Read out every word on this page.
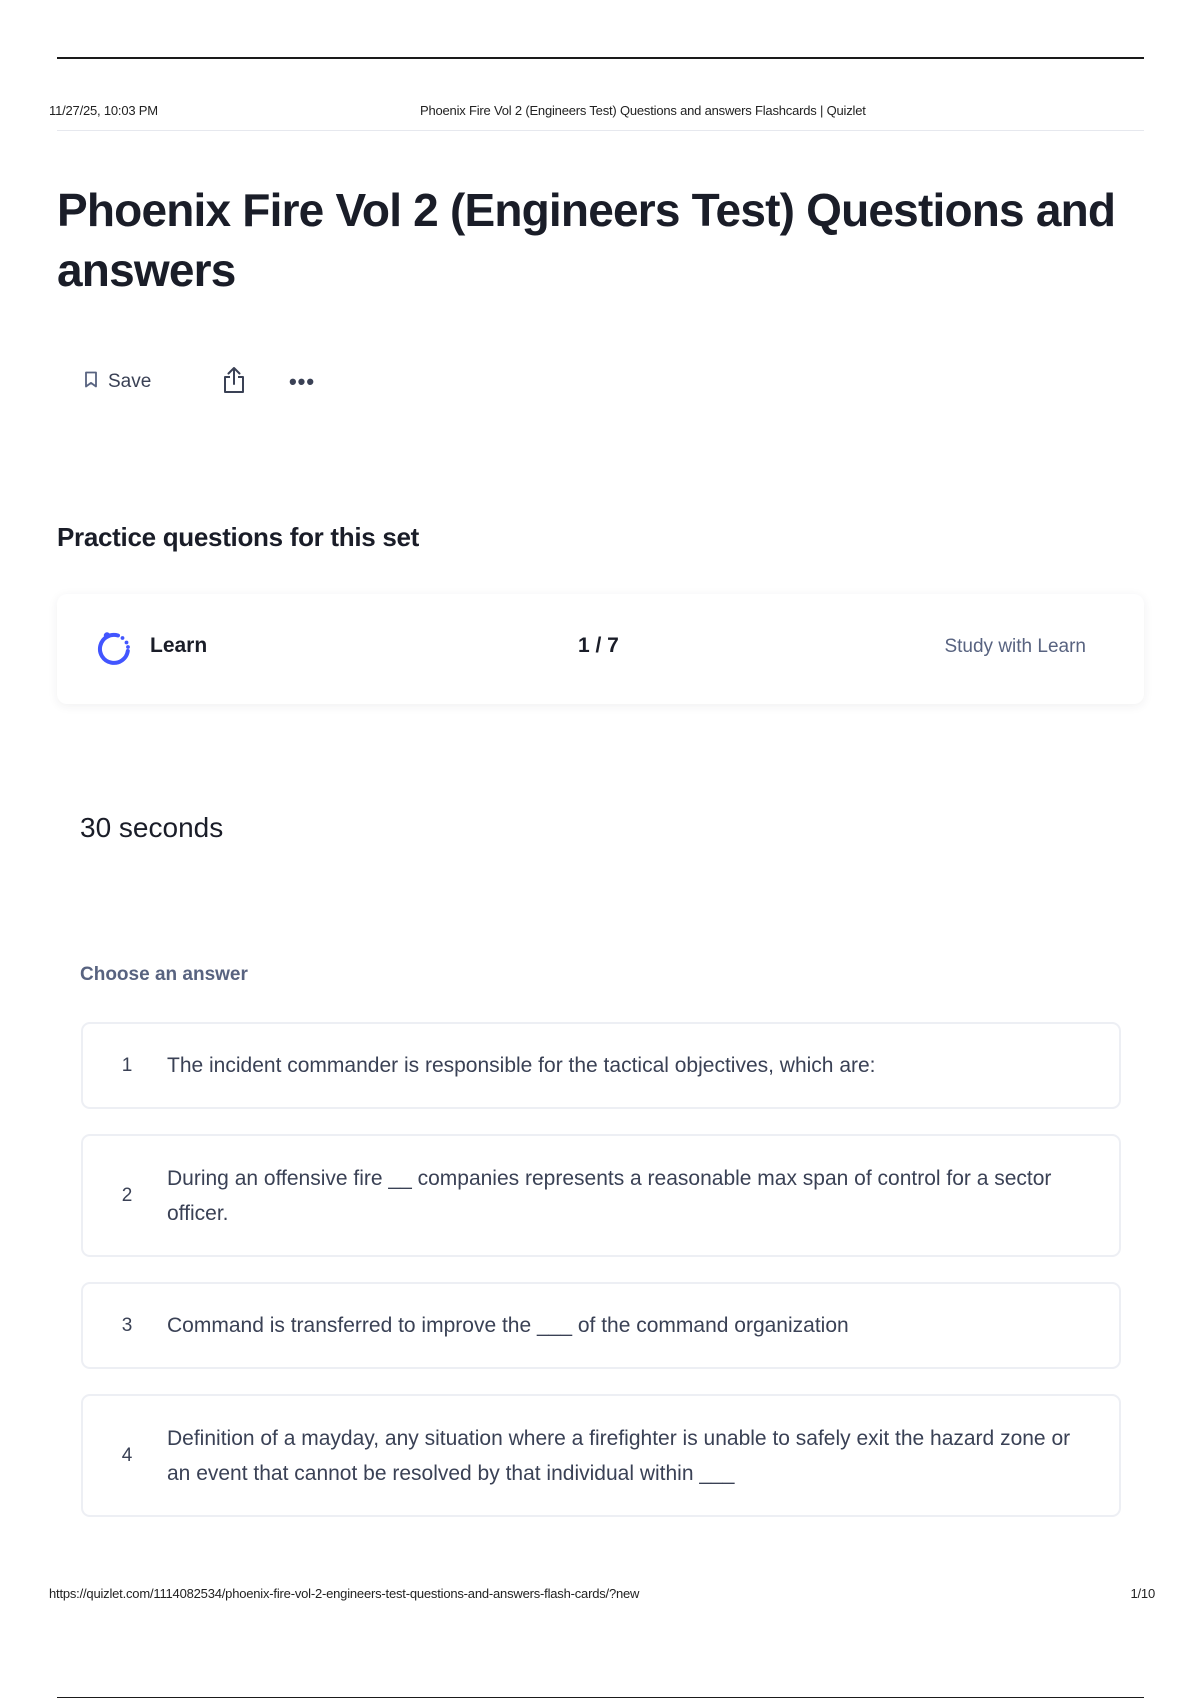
11/27/25, 10:03 PM	Phoenix Fire Vol 2 (Engineers Test) Questions and answers Flashcards | Quizlet
Phoenix Fire Vol 2 (Engineers Test) Questions and answers
Save	•••
Practice questions for this set
Learn	1 / 7	Study with Learn
30 seconds
Choose an answer
1	The incident commander is responsible for the tactical objectives, which are:
2
During an offensive fire __ companies represents a reasonable max span of control for a sector officer.
3	Command is transferred to improve the ___ of the command organization
4
Definition of a mayday, any situation where a firefighter is unable to safely exit the hazard zone or an event that cannot be resolved by that individual within ___
https://quizlet.com/1114082534/phoenix-fire-vol-2-engineers-test-questions-and-answers-flash-cards/?new	1/10
